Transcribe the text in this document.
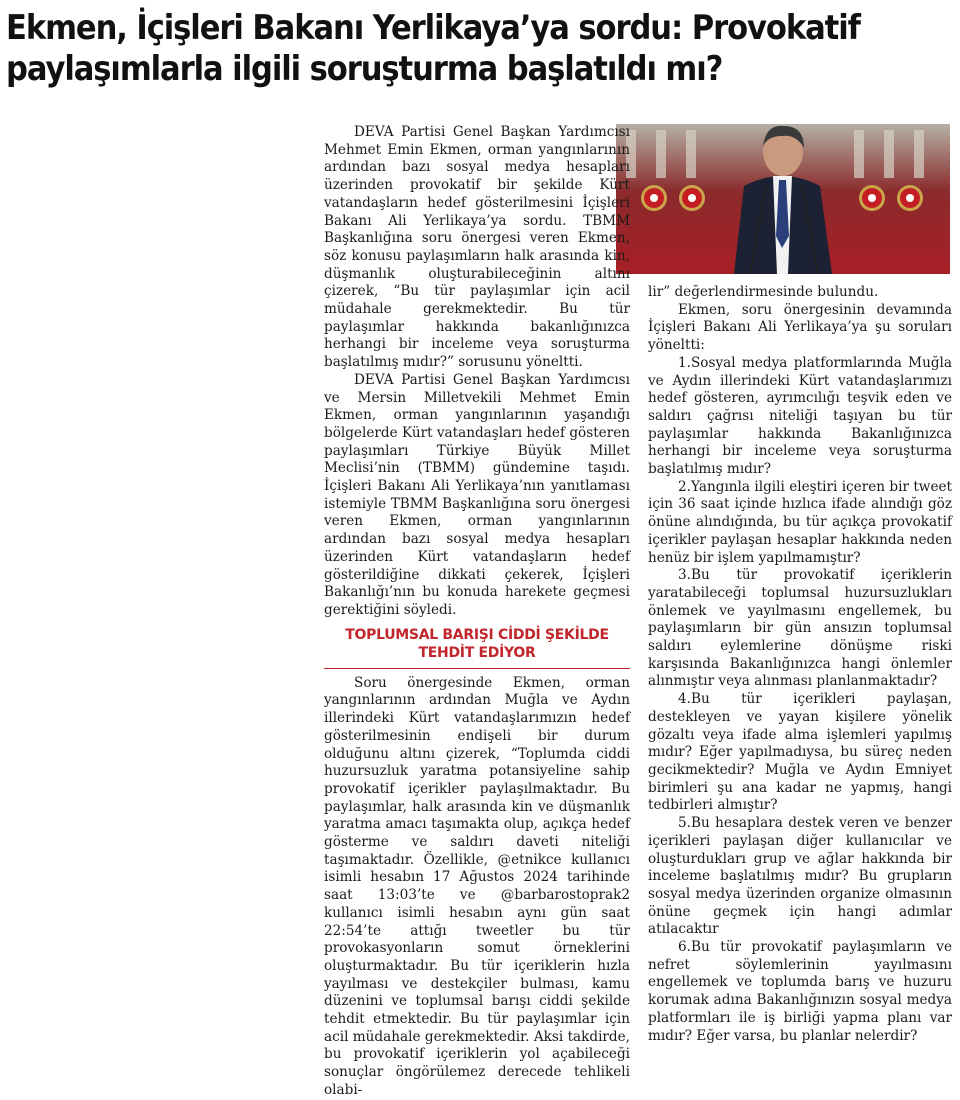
Ekmen, İçişleri Bakanı Yerlikaya’ya sordu: Provokatif
paylaşımlarla ilgili soruşturma başlatıldı mı?

DEVA Partisi Genel Başkan Yardımcısı Mehmet Emin Ekmen, orman yangınlarının ardından bazı sosyal medya hesapları üzerinden provokatif bir şekilde Kürt vatandaşların hedef gösterilmesini İçişleri Bakanı Ali Yerlikaya’ya sordu. TBMM Başkanlığına soru önergesi veren Ekmen, söz konusu paylaşımların halk arasında kin, düşmanlık oluşturabileceğinin altını çizerek, “Bu tür paylaşımlar için acil müdahale gerekmektedir. Bu tür paylaşımlar hakkında bakanlığınızca herhangi bir inceleme veya soruşturma başlatılmış mıdır?” sorusunu yöneltti.

DEVA Partisi Genel Başkan Yardımcısı ve Mersin Milletvekili Mehmet Emin Ekmen, orman yangınlarının yaşandığı bölgelerde Kürt vatandaşları hedef gösteren paylaşımları Türkiye Büyük Millet Meclisi’nin (TBMM) gündemine taşıdı. İçişleri Bakanı Ali Yerlikaya’nın yanıtlaması istemiyle TBMM Başkanlığına soru önergesi veren Ekmen, orman yangınlarının ardından bazı sosyal medya hesapları üzerinden Kürt vatandaşların hedef gösterildiğine dikkati çekerek, İçişleri Bakanlığı’nın bu konuda harekete geçmesi gerektiğini söyledi.

TOPLUMSAL BARIŞI CİDDİ ŞEKİLDE TEHDİT EDİYOR

Soru önergesinde Ekmen, orman yangınlarının ardından Muğla ve Aydın illerindeki Kürt vatandaşlarımızın hedef gösterilmesinin endişeli bir durum olduğunu altını çizerek, “Toplumda ciddi huzursuzluk yaratma potansiyeline sahip provokatif içerikler paylaşılmaktadır. Bu paylaşımlar, halk arasında kin ve düşmanlık yaratma amacı taşımakta olup, açıkça hedef gösterme ve saldırı daveti niteliği taşımaktadır. Özellikle, @etnikce kullanıcı isimli hesabın 17 Ağustos 2024 tarihinde saat 13:03’te ve @barbarostoprak2 kullanıcı isimli hesabın aynı gün saat 22:54’te attığı tweetler bu tür provokasyonların somut örneklerini oluşturmaktadır. Bu tür içeriklerin hızla yayılması ve destekçiler bulması, kamu düzenini ve toplumsal barışı ciddi şekilde tehdit etmektedir. Bu tür paylaşımlar için acil müdahale gerekmektedir. Aksi takdirde, bu provokatif içeriklerin yol açabileceği sonuçlar öngörülemez derecede tehlikeli olabi-

lir” değerlendirmesinde bulundu.

Ekmen, soru önergesinin devamında İçişleri Bakanı Ali Yerlikaya’ya şu soruları yöneltti:

1.Sosyal medya platformlarında Muğla ve Aydın illerindeki Kürt vatandaşlarımızı hedef gösteren, ayrımcılığı teşvik eden ve saldırı çağrısı niteliği taşıyan bu tür paylaşımlar hakkında Bakanlığınızca herhangi bir inceleme veya soruşturma başlatılmış mıdır?

2.Yangınla ilgili eleştiri içeren bir tweet için 36 saat içinde hızlıca ifade alındığı göz önüne alındığında, bu tür açıkça provokatif içerikler paylaşan hesaplar hakkında neden henüz bir işlem yapılmamıştır?

3.Bu tür provokatif içeriklerin yaratabileceği toplumsal huzursuzlukları önlemek ve yayılmasını engellemek, bu paylaşımların bir gün ansızın toplumsal saldırı eylemlerine dönüşme riski karşısında Bakanlığınızca hangi önlemler alınmıştır veya alınması planlanmaktadır?

4.Bu tür içerikleri paylaşan, destekleyen ve yayan kişilere yönelik gözaltı veya ifade alma işlemleri yapılmış mıdır? Eğer yapılmadıysa, bu süreç neden gecikmektedir? Muğla ve Aydın Emniyet birimleri şu ana kadar ne yapmış, hangi tedbirleri almıştır?

5.Bu hesaplara destek veren ve benzer içerikleri paylaşan diğer kullanıcılar ve oluşturdukları grup ve ağlar hakkında bir inceleme başlatılmış mıdır? Bu grupların sosyal medya üzerinden organize olmasının önüne geçmek için hangi adımlar atılacaktır

6.Bu tür provokatif paylaşımların ve nefret söylemlerinin yayılmasını engellemek ve toplumda barış ve huzuru korumak adına Bakanlığınızın sosyal medya platformları ile iş birliği yapma planı var mıdır? Eğer varsa, bu planlar nelerdir?
